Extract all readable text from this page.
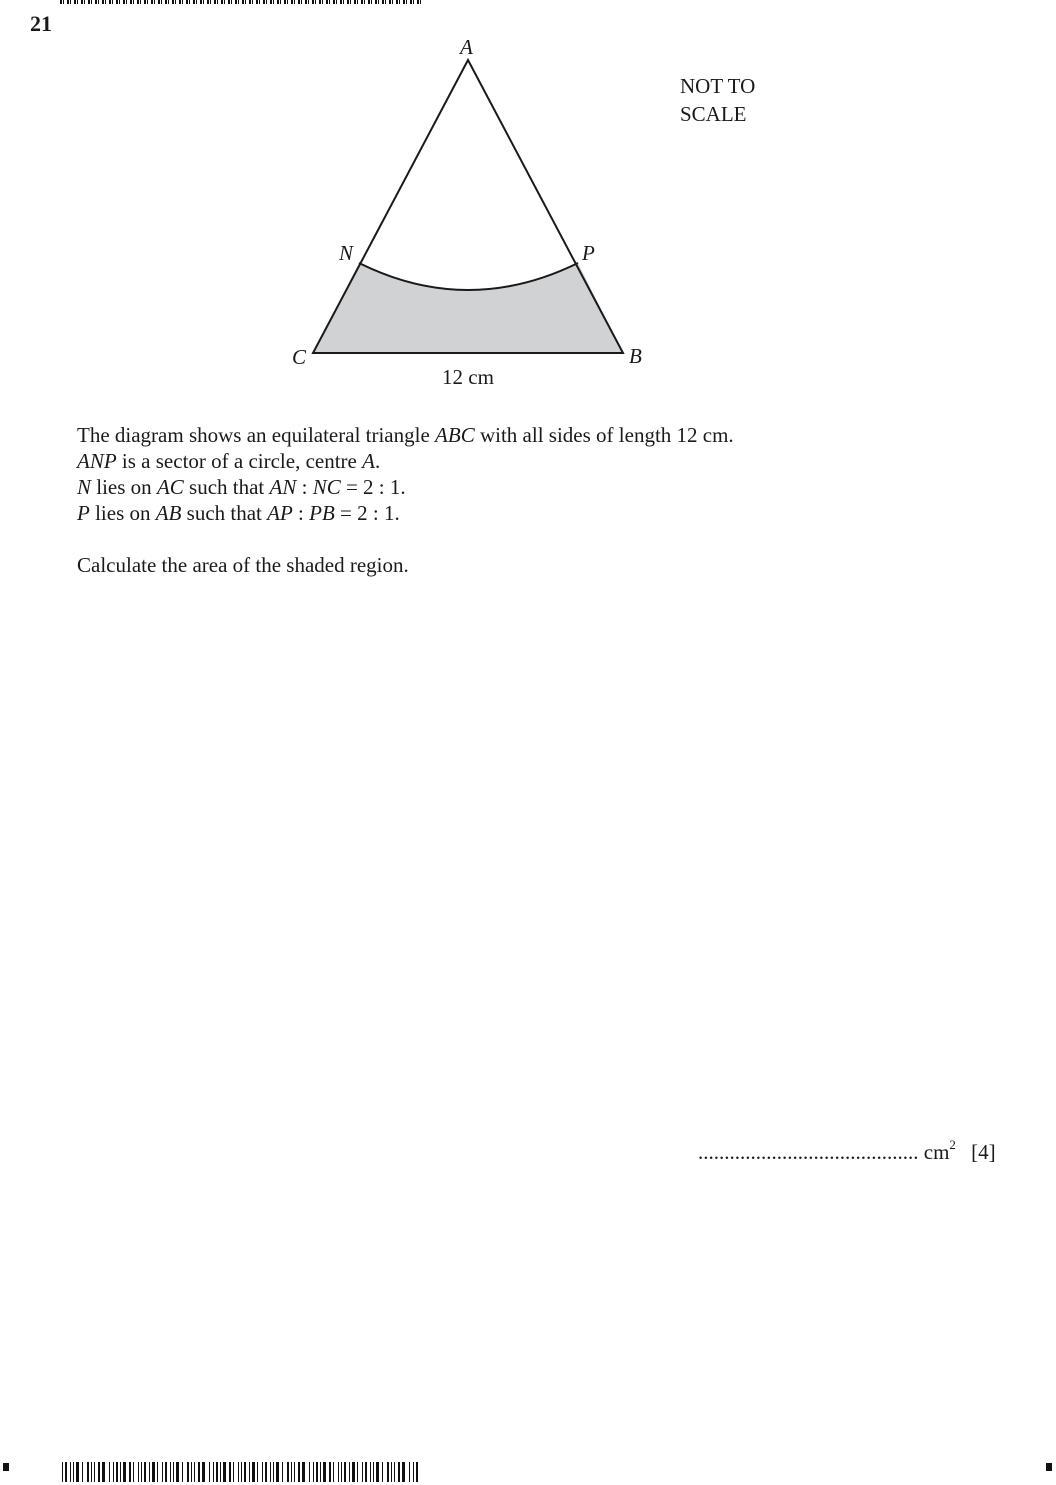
21
A
N	P
C	B
12 cm
NOT TO
SCALE
The diagram shows an equilateral triangle ABC with all sides of length 12 cm.
ANP is a sector of a circle, centre A.
N lies on AC such that AN : NC = 2 : 1.
P lies on AB such that AP : PB = 2 : 1.
Calculate the area of the shaded region.
.......................................... $cm^2$ [4]
